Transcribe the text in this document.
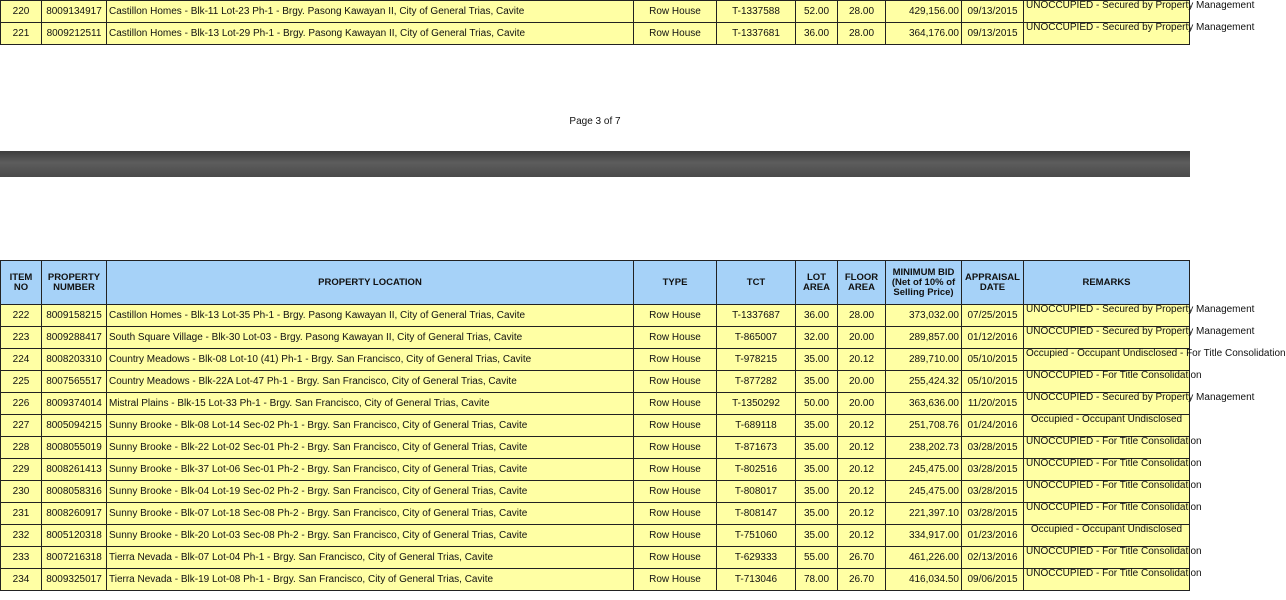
220	8009134917	Castillon Homes - Blk-11 Lot-23 Ph-1 - Brgy. Pasong Kawayan II, City of General Trias, Cavite	Row House	T-1337588	52.00	28.00	429,156.00	09/13/2015	UNOCCUPIED - Secured by Property Management

221	8009212511	Castillon Homes - Blk-13 Lot-29 Ph-1 - Brgy. Pasong Kawayan II, City of General Trias, Cavite	Row House	T-1337681	36.00	28.00	364,176.00	09/13/2015	UNOCCUPIED - Secured by Property Management
Page 3 of 7
ITEM NO	PROPERTY NUMBER	PROPERTY LOCATION	TYPE	TCT	LOT AREA	FLOOR AREA	MINIMUM BID (Net of 10% of Selling Price)	APPRAISAL DATE	REMARKS
222	8009158215	Castillon Homes - Blk-13 Lot-35 Ph-1 - Brgy. Pasong Kawayan II, City of General Trias, Cavite	Row House	T-1337687	36.00	28.00	373,032.00	07/25/2015	UNOCCUPIED - Secured by Property Management

223	8009288417	South Square Village - Blk-30 Lot-03 - Brgy. Pasong Kawayan II, City of General Trias, Cavite	Row House	T-865007	32.00	20.00	289,857.00	01/12/2016	UNOCCUPIED - Secured by Property Management

224	8008203310	Country Meadows - Blk-08 Lot-10 (41) Ph-1 - Brgy. San Francisco, City of General Trias, Cavite	Row House	T-978215	35.00	20.12	289,710.00	05/10/2015	Occupied - Occupant Undisclosed - For Title Consolidation

225	8007565517	Country Meadows - Blk-22A Lot-47 Ph-1 - Brgy. San Francisco, City of General Trias, Cavite	Row House	T-877282	35.00	20.00	255,424.32	05/10/2015	UNOCCUPIED - For Title Consolidation

226	8009374014	Mistral Plains - Blk-15 Lot-33 Ph-1 - Brgy. San Francisco, City of General Trias, Cavite	Row House	T-1350292	50.00	20.00	363,636.00	11/20/2015	UNOCCUPIED - Secured by Property Management

227	8005094215	Sunny Brooke - Blk-08 Lot-14 Sec-02 Ph-1 - Brgy. San Francisco, City of General Trias, Cavite	Row House	T-689118	35.00	20.12	251,708.76	01/24/2016	Occupied - Occupant Undisclosed

228	8008055019	Sunny Brooke - Blk-22 Lot-02 Sec-01 Ph-2 - Brgy. San Francisco, City of General Trias, Cavite	Row House	T-871673	35.00	20.12	238,202.73	03/28/2015	UNOCCUPIED - For Title Consolidation

229	8008261413	Sunny Brooke - Blk-37 Lot-06 Sec-01 Ph-2 - Brgy. San Francisco, City of General Trias, Cavite	Row House	T-802516	35.00	20.12	245,475.00	03/28/2015	UNOCCUPIED - For Title Consolidation

230	8008058316	Sunny Brooke - Blk-04 Lot-19 Sec-02 Ph-2 - Brgy. San Francisco, City of General Trias, Cavite	Row House	T-808017	35.00	20.12	245,475.00	03/28/2015	UNOCCUPIED - For Title Consolidation

231	8008260917	Sunny Brooke - Blk-07 Lot-18 Sec-08 Ph-2 - Brgy. San Francisco, City of General Trias, Cavite	Row House	T-808147	35.00	20.12	221,397.10	03/28/2015	UNOCCUPIED - For Title Consolidation

232	8005120318	Sunny Brooke - Blk-20 Lot-03 Sec-08 Ph-2 - Brgy. San Francisco, City of General Trias, Cavite	Row House	T-751060	35.00	20.12	334,917.00	01/23/2016	Occupied - Occupant Undisclosed

233	8007216318	Tierra Nevada - Blk-07 Lot-04 Ph-1 - Brgy. San Francisco, City of General Trias, Cavite	Row House	T-629333	55.00	26.70	461,226.00	02/13/2016	UNOCCUPIED - For Title Consolidation

234	8009325017	Tierra Nevada - Blk-19 Lot-08 Ph-1 - Brgy. San Francisco, City of General Trias, Cavite	Row House	T-713046	78.00	26.70	416,034.50	09/06/2015	UNOCCUPIED - For Title Consolidation
